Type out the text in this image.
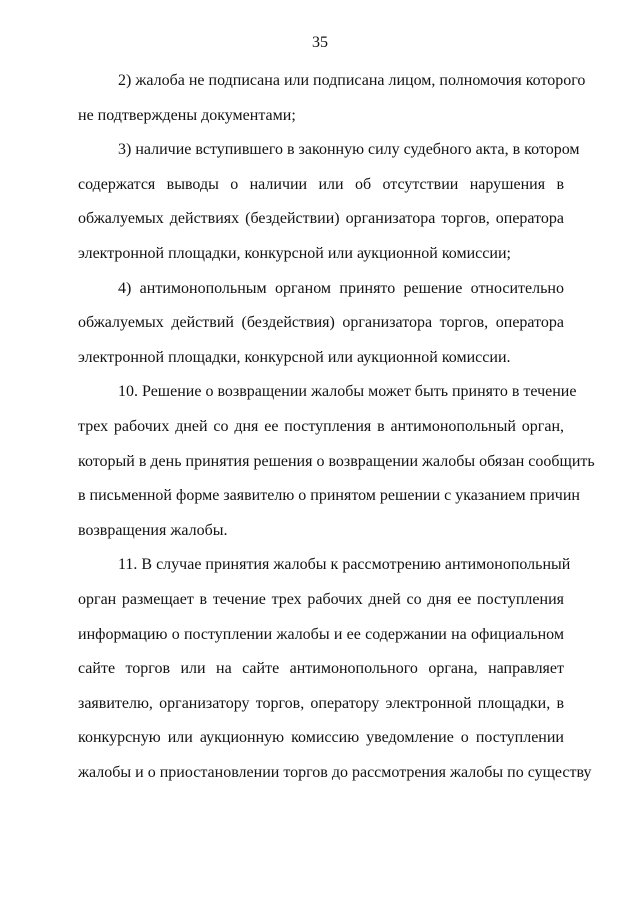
35
2) жалоба не подписана или подписана лицом, полномочия которого
не подтверждены документами;
3) наличие вступившего в законную силу судебного акта, в котором
содержатся выводы о наличии или об отсутствии нарушения в
обжалуемых действиях (бездействии) организатора торгов, оператора
электронной площадки, конкурсной или аукционной комиссии;
4) антимонопольным органом принято решение относительно
обжалуемых действий (бездействия) организатора торгов, оператора
электронной площадки, конкурсной или аукционной комиссии.
10. Решение о возвращении жалобы может быть принято в течение
трех рабочих дней со дня ее поступления в антимонопольный орган,
который в день принятия решения о возвращении жалобы обязан сообщить
в письменной форме заявителю о принятом решении с указанием причин
возвращения жалобы.
11. В случае принятия жалобы к рассмотрению антимонопольный
орган размещает в течение трех рабочих дней со дня ее поступления
информацию о поступлении жалобы и ее содержании на официальном
сайте торгов или на сайте антимонопольного органа, направляет
заявителю, организатору торгов, оператору электронной площадки, в
конкурсную или аукционную комиссию уведомление о поступлении
жалобы и о приостановлении торгов до рассмотрения жалобы по существу
